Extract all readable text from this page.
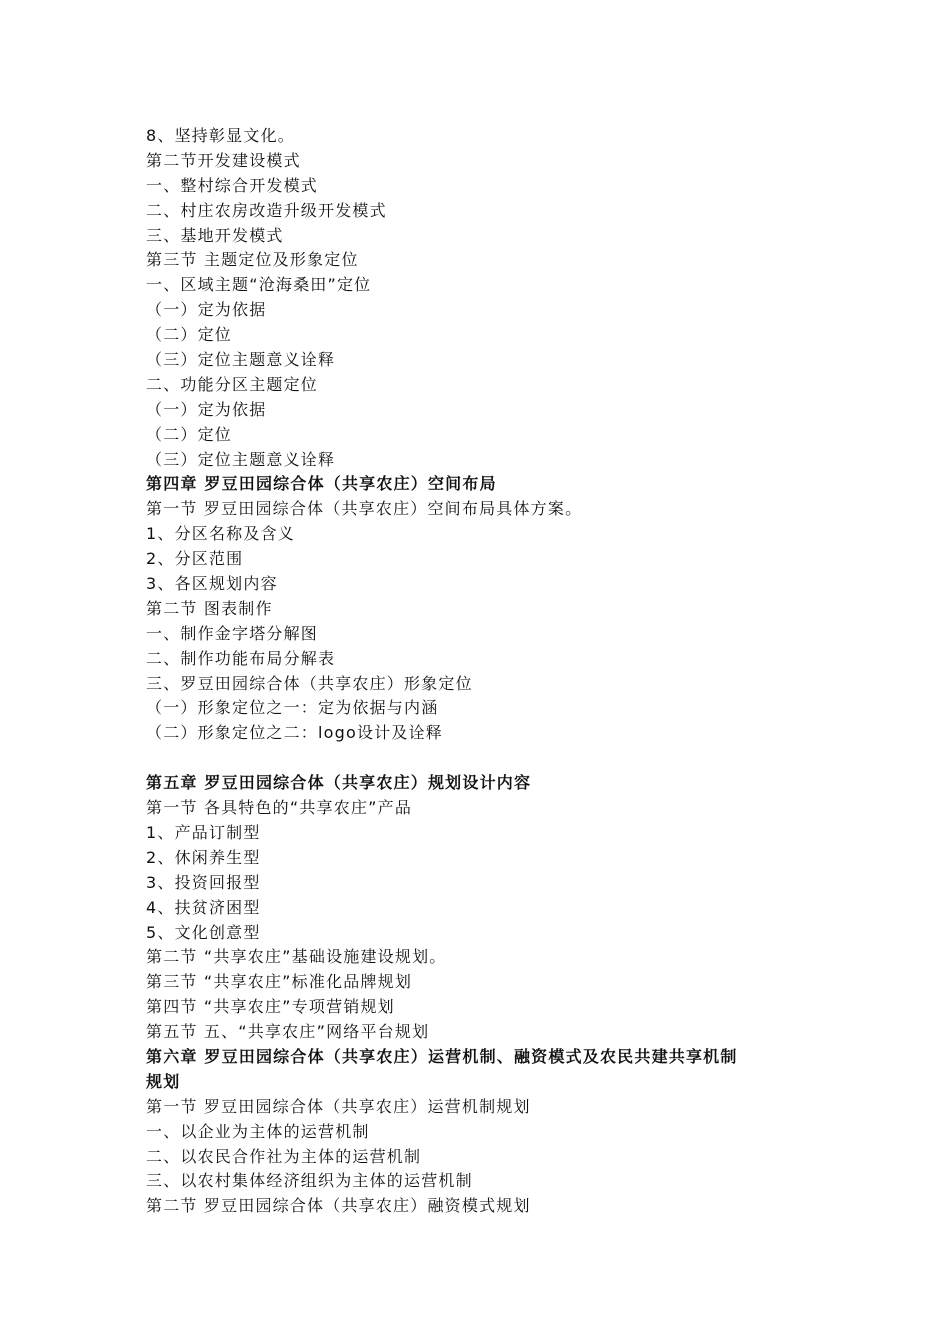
8、坚持彰显文化。
第二节开发建设模式
一、整村综合开发模式
二、村庄农房改造升级开发模式
三、基地开发模式
第三节 主题定位及形象定位
一、区域主题“沧海桑田”定位
（一）定为依据
（二）定位
（三）定位主题意义诠释
二、功能分区主题定位
（一）定为依据
（二）定位
（三）定位主题意义诠释
第四章 罗豆田园综合体（共享农庄）空间布局
第一节 罗豆田园综合体（共享农庄）空间布局具体方案。
1、分区名称及含义
2、分区范围
3、各区规划内容
第二节 图表制作
一、制作金字塔分解图
二、制作功能布局分解表
三、罗豆田园综合体（共享农庄）形象定位
（一）形象定位之一：定为依据与内涵
（二）形象定位之二：logo设计及诠释
第五章 罗豆田园综合体（共享农庄）规划设计内容
第一节 各具特色的“共享农庄”产品
1、产品订制型
2、休闲养生型
3、投资回报型
4、扶贫济困型
5、文化创意型
第二节 “共享农庄”基础设施建设规划。
第三节 “共享农庄”标准化品牌规划
第四节 “共享农庄”专项营销规划
第五节 五、“共享农庄”网络平台规划
第六章 罗豆田园综合体（共享农庄）运营机制、融资模式及农民共建共享机制
规划
第一节 罗豆田园综合体（共享农庄）运营机制规划
一、以企业为主体的运营机制
二、以农民合作社为主体的运营机制
三、以农村集体经济组织为主体的运营机制
第二节 罗豆田园综合体（共享农庄）融资模式规划
